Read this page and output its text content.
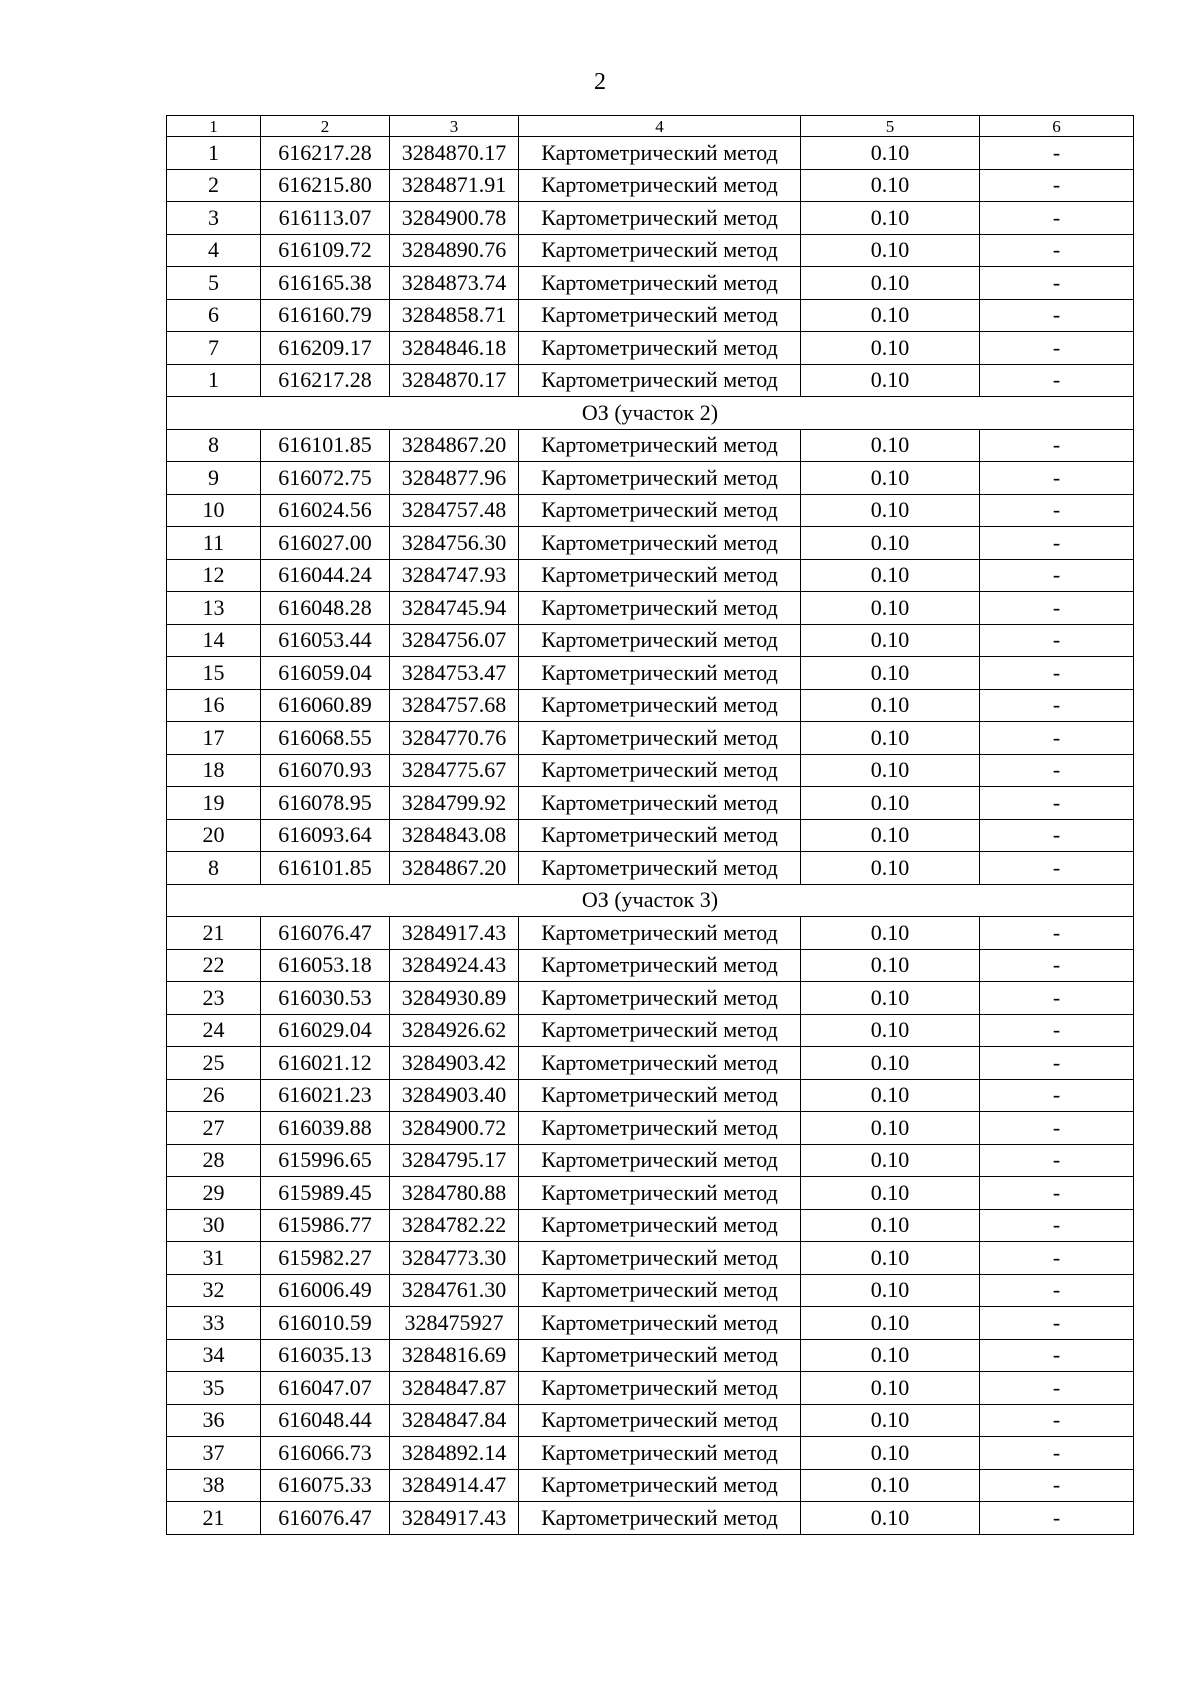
2
1	2	3	4	5	6
1	616217.28	3284870.17	Картометрический метод	0.10	-
2	616215.80	3284871.91	Картометрический метод	0.10	-
3	616113.07	3284900.78	Картометрический метод	0.10	-
4	616109.72	3284890.76	Картометрический метод	0.10	-
5	616165.38	3284873.74	Картометрический метод	0.10	-
6	616160.79	3284858.71	Картометрический метод	0.10	-
7	616209.17	3284846.18	Картометрический метод	0.10	-
1	616217.28	3284870.17	Картометрический метод	0.10	-
ОЗ (участок 2)					
8	616101.85	3284867.20	Картометрический метод	0.10	-
9	616072.75	3284877.96	Картометрический метод	0.10	-
10	616024.56	3284757.48	Картометрический метод	0.10	-
11	616027.00	3284756.30	Картометрический метод	0.10	-
12	616044.24	3284747.93	Картометрический метод	0.10	-
13	616048.28	3284745.94	Картометрический метод	0.10	-
14	616053.44	3284756.07	Картометрический метод	0.10	-
15	616059.04	3284753.47	Картометрический метод	0.10	-
16	616060.89	3284757.68	Картометрический метод	0.10	-
17	616068.55	3284770.76	Картометрический метод	0.10	-
18	616070.93	3284775.67	Картометрический метод	0.10	-
19	616078.95	3284799.92	Картометрический метод	0.10	-
20	616093.64	3284843.08	Картометрический метод	0.10	-
8	616101.85	3284867.20	Картометрический метод	0.10	-
ОЗ (участок 3)					
21	616076.47	3284917.43	Картометрический метод	0.10	-
22	616053.18	3284924.43	Картометрический метод	0.10	-
23	616030.53	3284930.89	Картометрический метод	0.10	-
24	616029.04	3284926.62	Картометрический метод	0.10	-
25	616021.12	3284903.42	Картометрический метод	0.10	-
26	616021.23	3284903.40	Картометрический метод	0.10	-
27	616039.88	3284900.72	Картометрический метод	0.10	-
28	615996.65	3284795.17	Картометрический метод	0.10	-
29	615989.45	3284780.88	Картометрический метод	0.10	-
30	615986.77	3284782.22	Картометрический метод	0.10	-
31	615982.27	3284773.30	Картометрический метод	0.10	-
32	616006.49	3284761.30	Картометрический метод	0.10	-
33	616010.59	328475927	Картометрический метод	0.10	-
34	616035.13	3284816.69	Картометрический метод	0.10	-
35	616047.07	3284847.87	Картометрический метод	0.10	-
36	616048.44	3284847.84	Картометрический метод	0.10	-
37	616066.73	3284892.14	Картометрический метод	0.10	-
38	616075.33	3284914.47	Картометрический метод	0.10	-
21	616076.47	3284917.43	Картометрический метод	0.10	-
